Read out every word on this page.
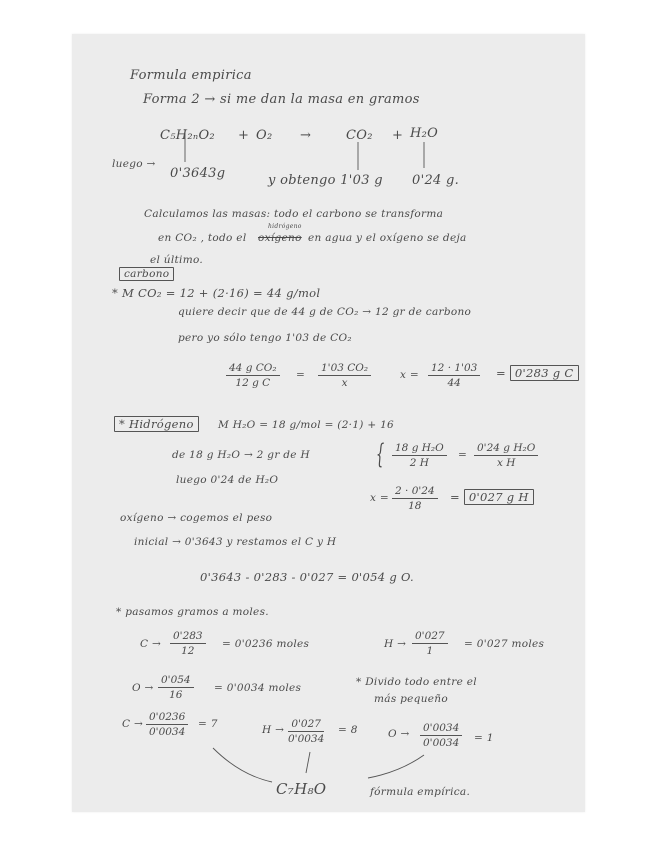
Formula empirica
Forma 2 → si me dan la masa en gramos
C₅H₂ₙO₂ + O₂ →	CO₂ + H₂O
luego →
0'3643g	y obtengo 1'03 g 0'24 g.
Calculamos las masas: todo el carbono se transforma
en CO₂ , todo el oxígeno
hidrógeno
en agua y el oxígeno se deja
el último.
carbono
* M CO₂ = 12 + (2·16) = 44 g/mol
quiere decir que de 44 g de CO₂ → 12 gr de carbono
pero yo sólo tengo 1'03 de CO₂
$\frac{\text{44 g CO₂}}{\text{12 g C}} = \frac{\text{1'03 CO₂}}{x}$	$x = \frac{12 \cdot 1'03}{44} = 0'283$ g C
* Hidrógeno	M H₂O = 18 g/mol = (2·1) + 16
de 18 g H₂O → 2 gr de H	{ $\frac{\text{18 g H₂O}}{2 H} = \frac{\text{0'24 g H₂O}}{\text{x H}}$
luego 0'24 de H₂O
$x = \frac{2 \cdot 0'24}{18} = 0'027$ g H
oxígeno → cogemos el peso
inicial → 0'3643 y restamos el C y H
0'3643 - 0'283 - 0'027 = 0'054 g O.
* pasamos gramos a moles.
$C \to \frac{0'283}{12} = 0'0236$ moles	$H \to \frac{0'027}{1} = 0'027$ moles
$O \to \frac{0'054}{16} = 0'0034$ moles	* Divido todo entre el
más pequeño
$C \to \frac{0'0236}{0'0034} = 7$	$H \to \frac{0'027}{0'0034} = 8$	$O \to \frac{0'0034}{0'0034} = 1$
C₇H₈O	fórmula empírica.
